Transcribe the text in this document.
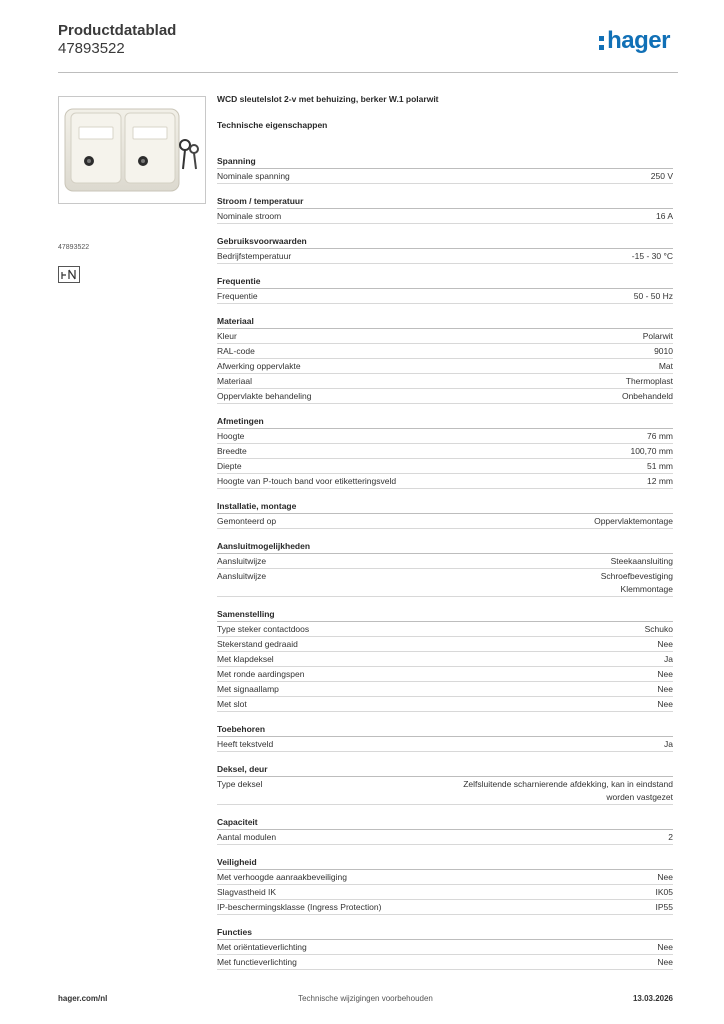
Productdatablad
47893522	hager
47893522
WCD sleutelslot 2-v met behuizing, berker W.1 polarwit
Technische eigenschappen
Spanning
Nominale spanning	250 V
Stroom / temperatuur
Nominale stroom	16 A
Gebruiksvoorwaarden
Bedrijfstemperatuur	-15 - 30 °C
Frequentie
Frequentie	50 - 50 Hz
Materiaal
Kleur	Polarwit
RAL-code	9010
Afwerking oppervlakte	Mat
Materiaal	Thermoplast
Oppervlakte behandeling	Onbehandeld
Afmetingen
Hoogte	76 mm
Breedte	100,70 mm
Diepte	51 mm
Hoogte van P-touch band voor etiketteringsveld	12 mm
Installatie, montage
Gemonteerd op	Oppervlaktemontage
Aansluitmogelijkheden
Aansluitwijze	Steekaansluiting
Aansluitwijze	Schroefbevestiging
Klemmontage
Samenstelling
Type steker contactdoos	Schuko
Stekerstand gedraaid	Nee
Met klapdeksel	Ja
Met ronde aardingspen	Nee
Met signaallamp	Nee
Met slot	Nee
Toebehoren
Heeft tekstveld	Ja
Deksel, deur
Type deksel	Zelfsluitende scharnierende afdekking, kan in eindstand
worden vastgezet
Capaciteit
Aantal modulen	2
Veiligheid
Met verhoogde aanraakbeveiliging	Nee
Slagvastheid IK	IK05
IP-beschermingsklasse (Ingress Protection)	IP55
Functies
Met oriëntatieverlichting	Nee
Met functieverlichting	Nee
hager.com/nl	Technische wijzigingen voorbehouden	13.03.2026
